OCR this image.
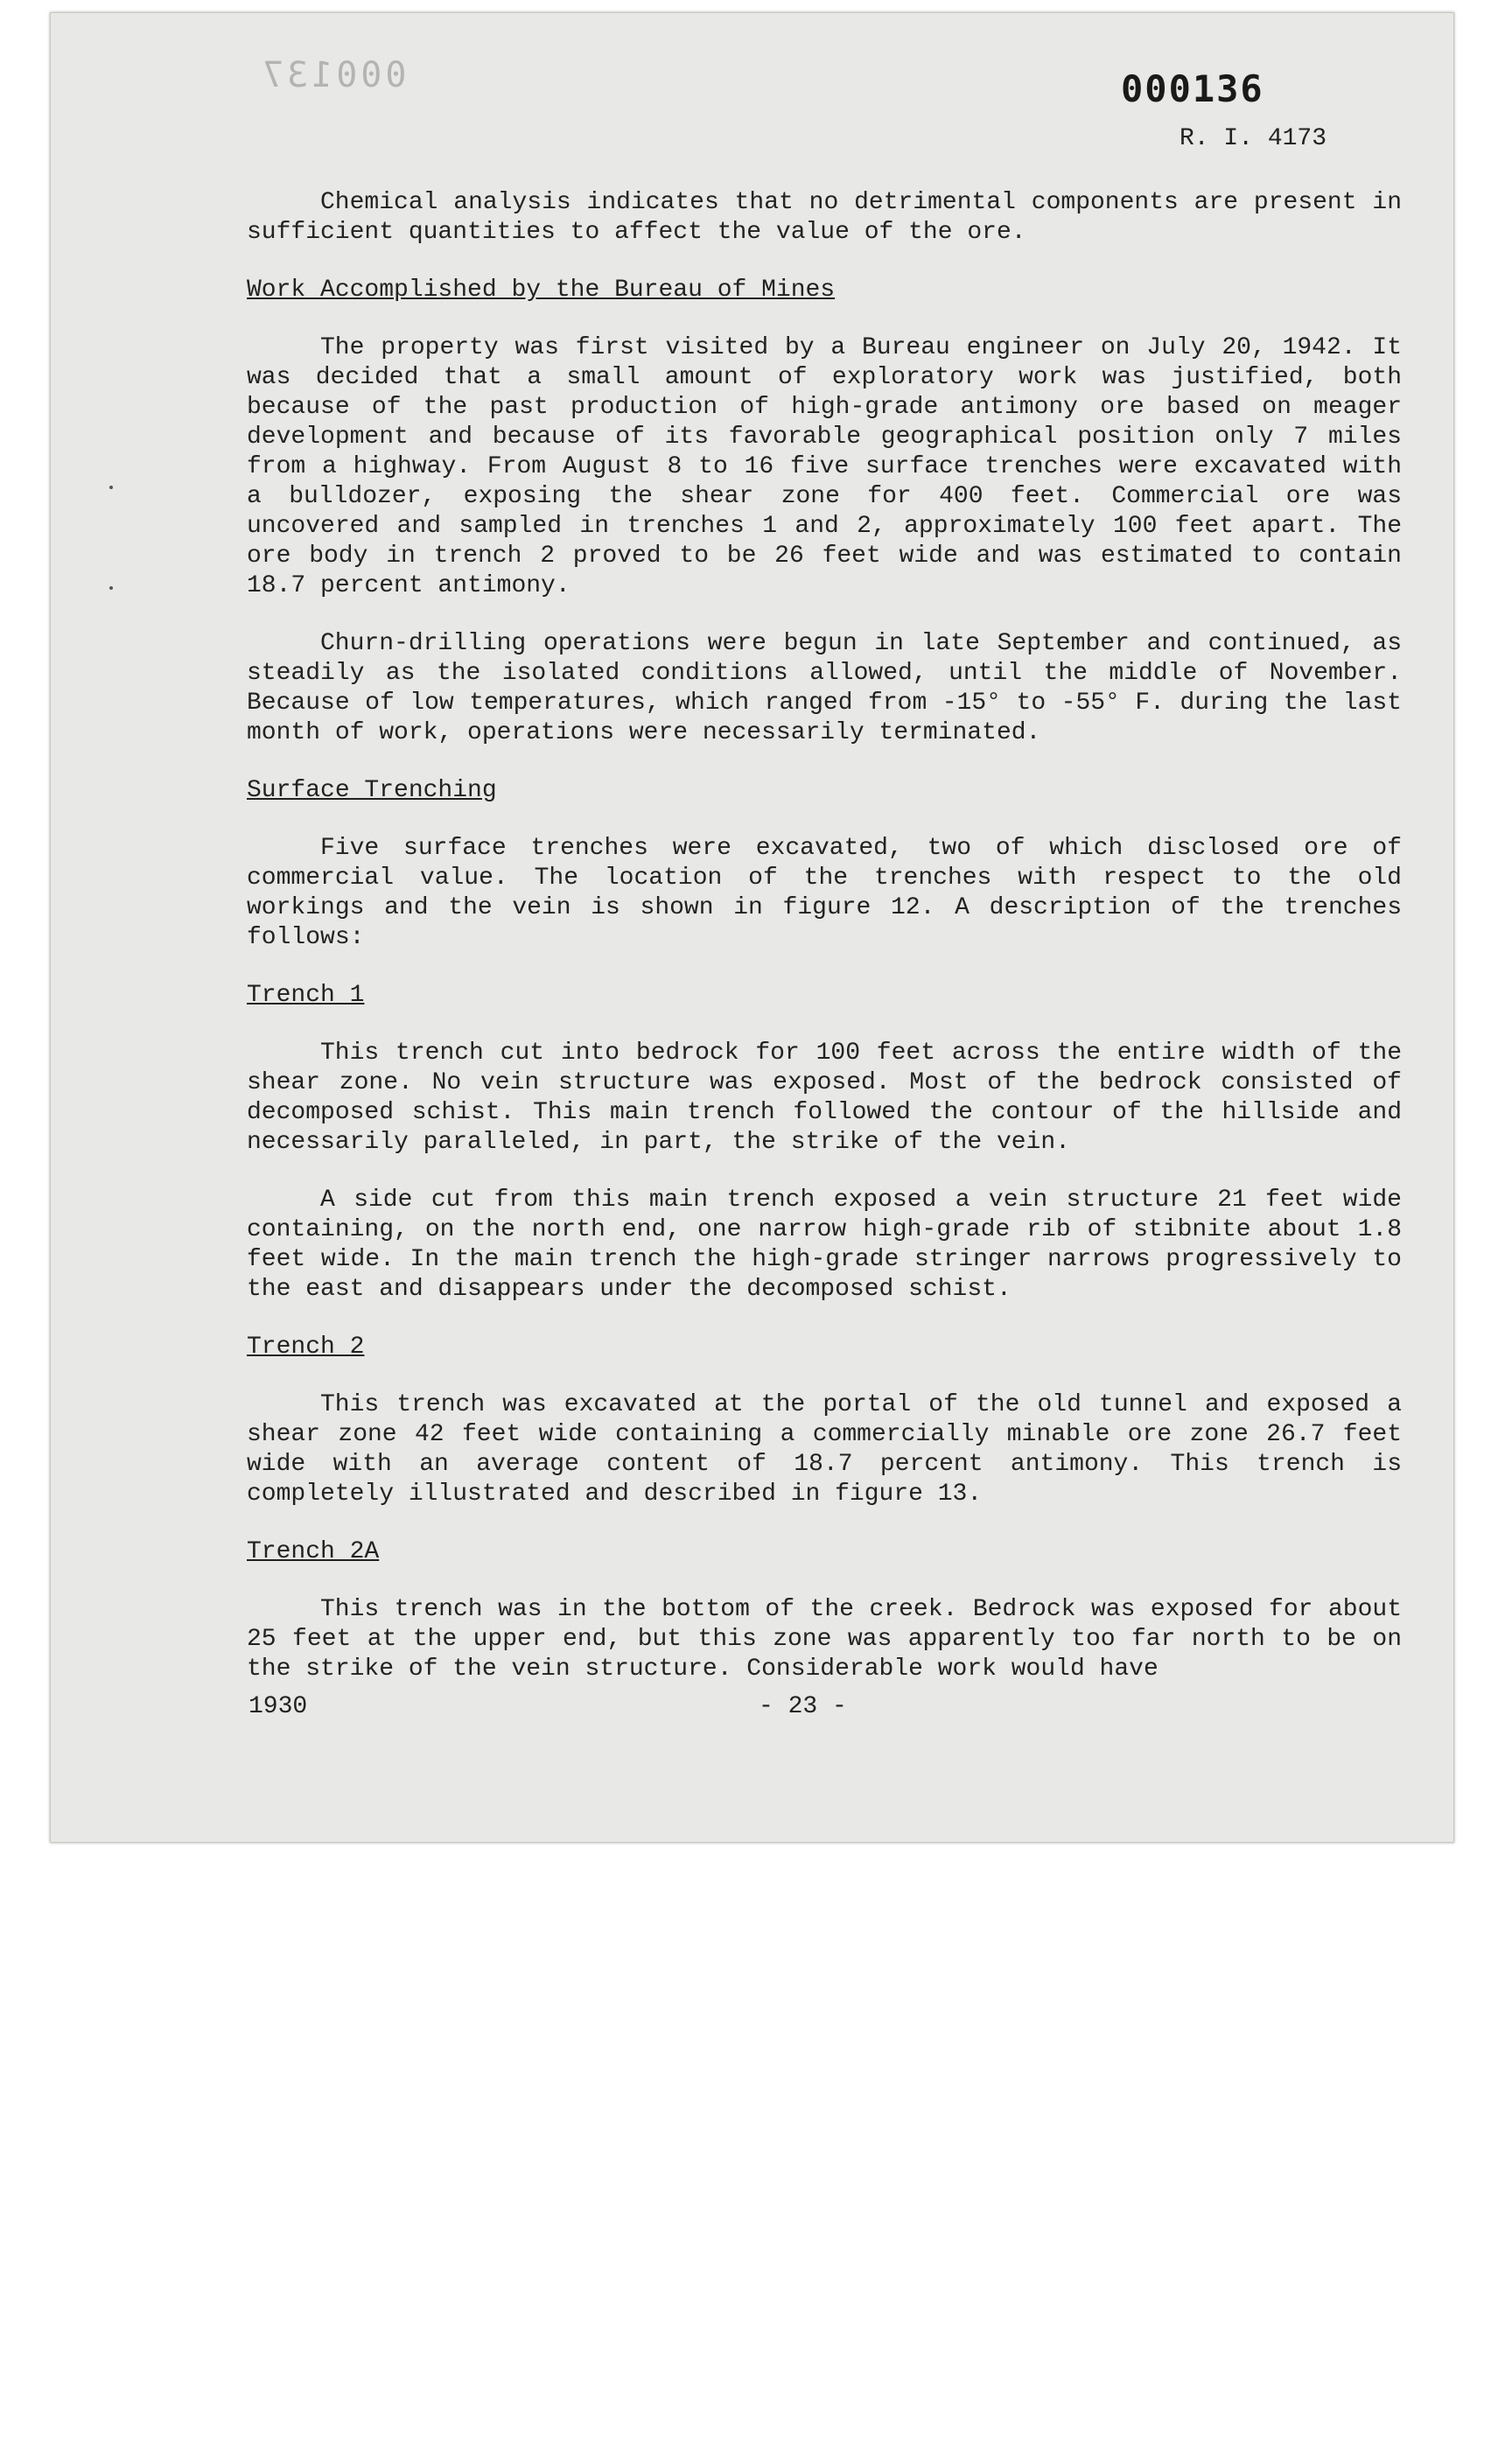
000137	000136
R. I. 4173

Chemical analysis indicates that no detrimental components are present in sufficient quantities to affect the value of the ore.

Work Accomplished by the Bureau of Mines

The property was first visited by a Bureau engineer on July 20, 1942. It was decided that a small amount of exploratory work was justified, both because of the past production of high-grade antimony ore based on meager development and because of its favorable geographical position only 7 miles from a highway. From August 8 to 16 five surface trenches were excavated with a bulldozer, exposing the shear zone for 400 feet. Commercial ore was uncovered and sampled in trenches 1 and 2, approximately 100 feet apart. The ore body in trench 2 proved to be 26 feet wide and was estimated to contain 18.7 percent antimony.

Churn-drilling operations were begun in late September and continued, as steadily as the isolated conditions allowed, until the middle of November. Because of low temperatures, which ranged from -15° to -55° F. during the last month of work, operations were necessarily terminated.

Surface Trenching

Five surface trenches were excavated, two of which disclosed ore of commercial value. The location of the trenches with respect to the old workings and the vein is shown in figure 12. A description of the trenches follows:

Trench 1

This trench cut into bedrock for 100 feet across the entire width of the shear zone. No vein structure was exposed. Most of the bedrock consisted of decomposed schist. This main trench followed the contour of the hillside and necessarily paralleled, in part, the strike of the vein.

A side cut from this main trench exposed a vein structure 21 feet wide containing, on the north end, one narrow high-grade rib of stibnite about 1.8 feet wide. In the main trench the high-grade stringer narrows progressively to the east and disappears under the decomposed schist.

Trench 2

This trench was excavated at the portal of the old tunnel and exposed a shear zone 42 feet wide containing a commercially minable ore zone 26.7 feet wide with an average content of 18.7 percent antimony. This trench is completely illustrated and described in figure 13.

Trench 2A

This trench was in the bottom of the creek. Bedrock was exposed for about 25 feet at the upper end, but this zone was apparently too far north to be on the strike of the vein structure. Considerable work would have

1930	- 23 -
